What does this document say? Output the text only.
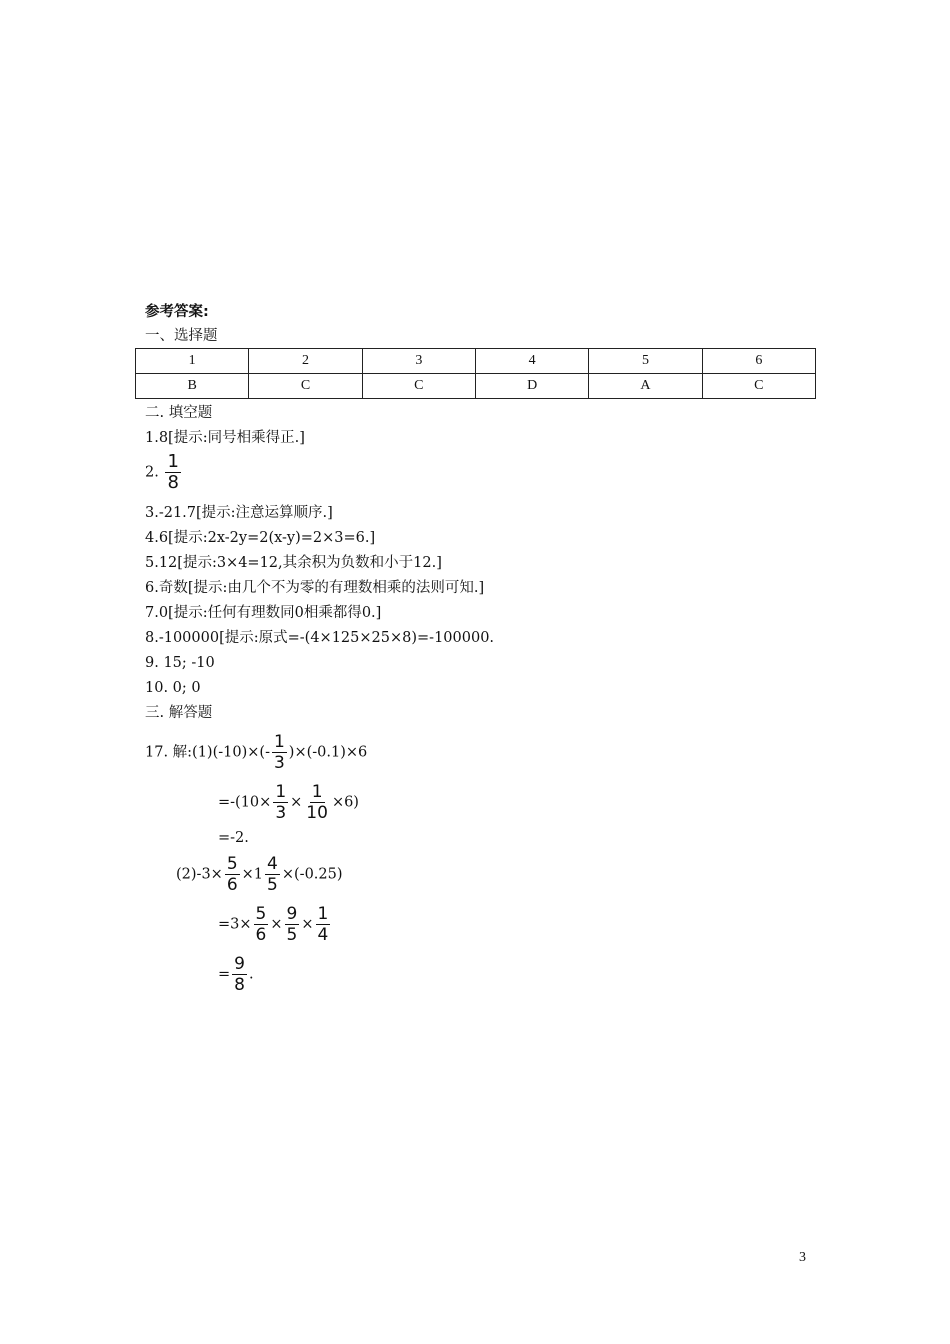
参考答案:
一、选择题
1	2	3	4	5	6
B	C	C	D	A	C
二. 填空题
1.8[提示:同号相乘得正.]
2. $\frac{1}{8}$
3.-21.7[提示:注意运算顺序.]
4.6[提示:2x-2y=2(x-y)=2×3=6.]
5.12[提示:3×4=12,其余积为负数和小于12.]
6.奇数[提示:由几个不为零的有理数相乘的法则可知.]
7.0[提示:任何有理数同0相乘都得0.]
8.-100000[提示:原式=-(4×125×25×8)=-100000.
9. 15; -10
10. 0; 0
三. 解答题
17. 解:(1)(-10)×(- $\frac{1}{3} )\times(-0.1)\times 6$
$=-(10\times \frac{1}{3} \times \frac{1}{10} \times 6)$
=-2.
$(2)-3\times \frac{5}{6} \times 1 \frac{4}{5} \times(-0.25)$
$=3\times \frac{5}{6} \times \frac{9}{5} \times \frac{1}{4}$
= $\frac{9}{8}$ .
3
